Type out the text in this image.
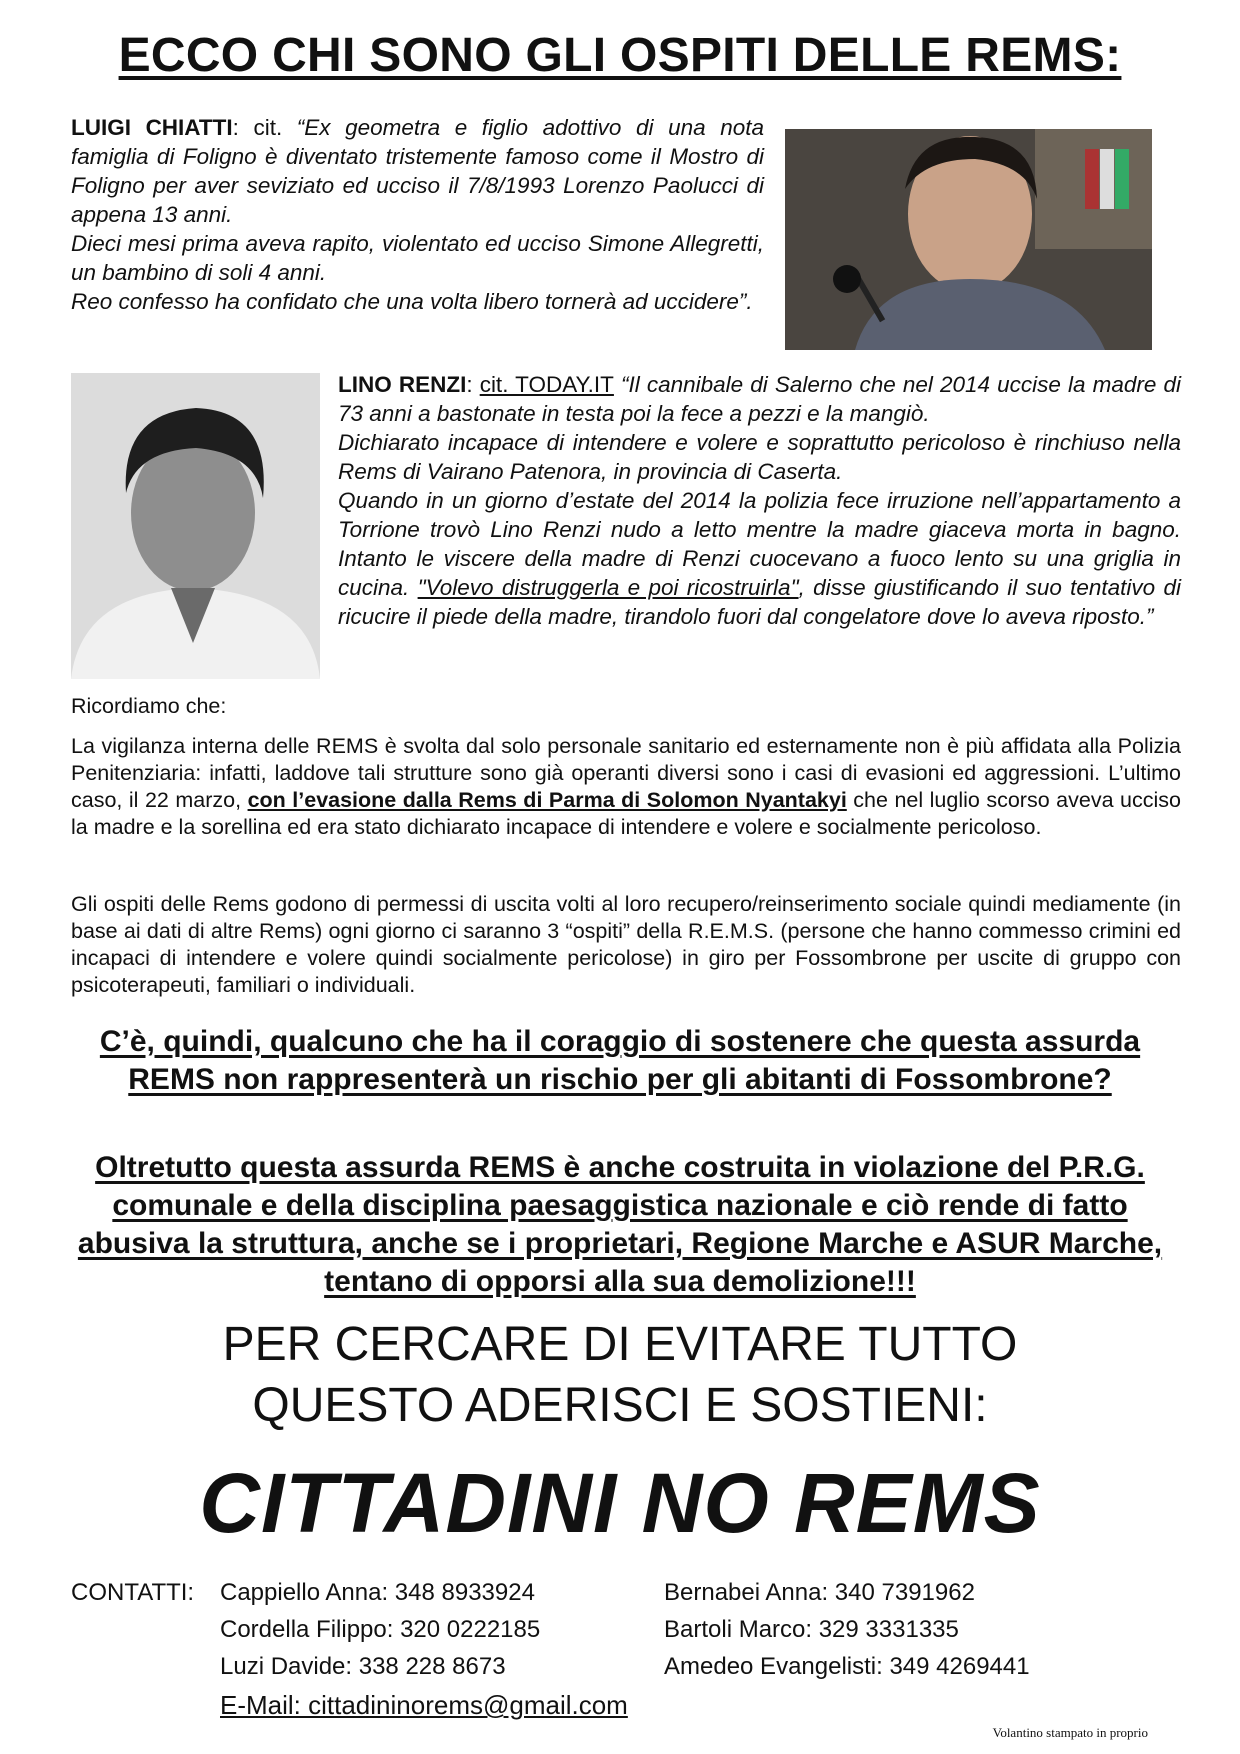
ECCO CHI SONO GLI OSPITI DELLE REMS:
LUIGI CHIATTI: cit. “Ex geometra e figlio adottivo di una nota famiglia di Foligno è diventato tristemente famoso come il Mostro di Foligno per aver seviziato ed ucciso il 7/8/1993 Lorenzo Paolucci di appena 13 anni.
Dieci mesi prima aveva rapito, violentato ed ucciso Simone Allegretti, un bambino di soli 4 anni.
Reo confesso ha confidato che una volta libero tornerà ad uccidere”.
LINO RENZI: cit. TODAY.IT “Il cannibale di Salerno che nel 2014 uccise la madre di 73 anni a bastonate in testa poi la fece a pezzi e la mangiò.
Dichiarato incapace di intendere e volere e soprattutto pericoloso è rinchiuso nella Rems di Vairano Patenora, in provincia di Caserta.
Quando in un giorno d’estate del 2014 la polizia fece irruzione nell’appartamento a Torrione trovò Lino Renzi nudo a letto mentre la madre giaceva morta in bagno. Intanto le viscere della madre di Renzi cuocevano a fuoco lento su una griglia in cucina. "Volevo distruggerla e poi ricostruirla", disse giustificando il suo tentativo di ricucire il piede della madre, tirandolo fuori dal congelatore dove lo aveva riposto.”
Ricordiamo che:
La vigilanza interna delle REMS è svolta dal solo personale sanitario ed esternamente non è più affidata alla Polizia Penitenziaria: infatti, laddove tali strutture sono già operanti diversi sono i casi di evasioni ed aggressioni. L’ultimo caso, il 22 marzo, con l’evasione dalla Rems di Parma di Solomon Nyantakyi che nel luglio scorso aveva ucciso la madre e la sorellina ed era stato dichiarato incapace di intendere e volere e socialmente pericoloso.
Gli ospiti delle Rems godono di permessi di uscita volti al loro recupero/reinserimento sociale quindi mediamente (in base ai dati di altre Rems) ogni giorno ci saranno 3 “ospiti” della R.E.M.S. (persone che hanno commesso crimini ed incapaci di intendere e volere quindi socialmente pericolose) in giro per Fossombrone per uscite di gruppo con psicoterapeuti, familiari o individuali.
C’è, quindi, qualcuno che ha il coraggio di sostenere che questa assurda REMS non rappresenterà un rischio per gli abitanti di Fossombrone?
Oltretutto questa assurda REMS è anche costruita in violazione del P.R.G. comunale e della disciplina paesaggistica nazionale e ciò rende di fatto abusiva la struttura, anche se i proprietari, Regione Marche e ASUR Marche, tentano di opporsi alla sua demolizione!!!
PER CERCARE DI EVITARE TUTTO
QUESTO ADERISCI E SOSTIENI:
CITTADINI NO REMS
CONTATTI: Cappiello Anna: 348 8933924
Cordella Filippo: 320 0222185
Luzi Davide: 338 228 8673
Bernabei Anna: 340 7391962
Bartoli Marco: 329 3331335
Amedeo Evangelisti: 349 4269441
E-Mail: cittadininorems@gmail.com
Volantino stampato in proprio
